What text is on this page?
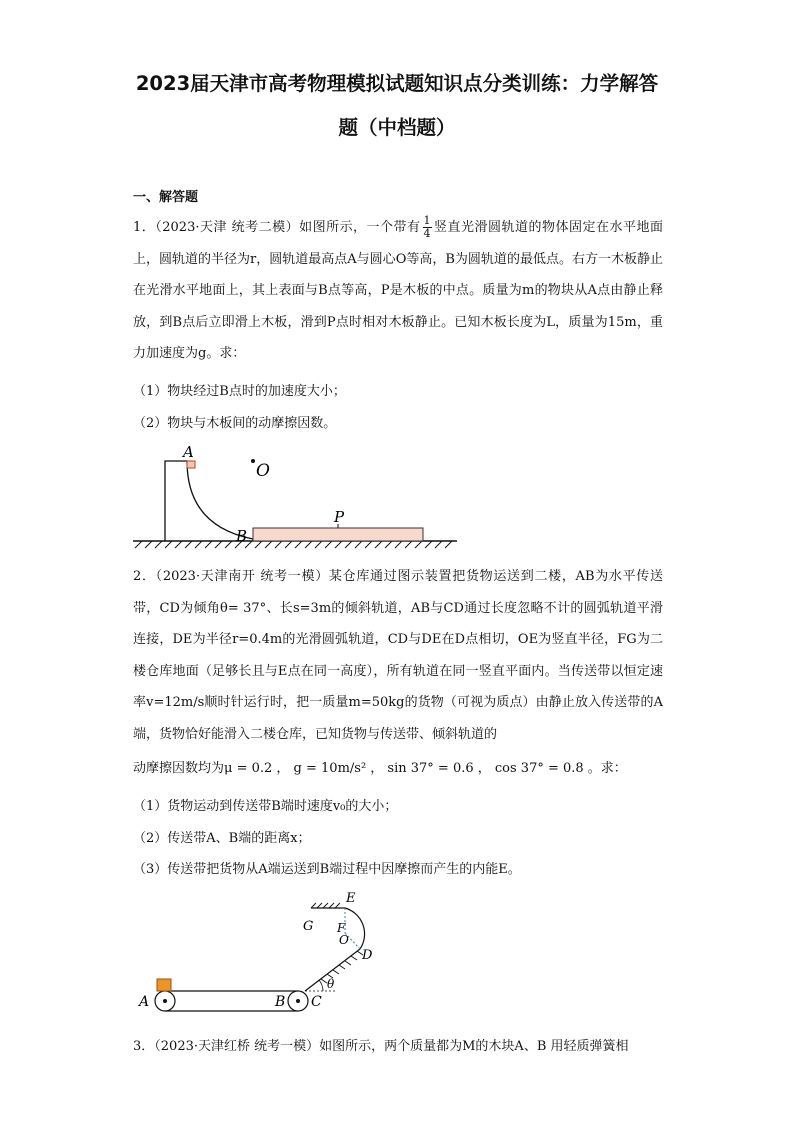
2023届天津市高考物理模拟试题知识点分类训练：力学解答
题（中档题）
一、解答题
1．（2023·天津 统考二模）如图所示，一个带有 $\frac{1}{4}$ 竖直光滑圆轨道的物体固定在水平地面上，圆轨道的半径为r，圆轨道最高点A与圆心O等高，B为圆轨道的最低点。右方一木板静止在光滑水平地面上，其上表面与B点等高，P是木板的中点。质量为m的物块从A点由静止释放，到B点后立即滑上木板，滑到P点时相对木板静止。已知木板长度为L，质量为15m，重力加速度为g。求：
（1）物块经过B点时的加速度大小；
（2）物块与木板间的动摩擦因数。
A
O
B
P
2．（2023·天津南开 统考一模）某仓库通过图示装置把货物运送到二楼，AB为水平传送带，CD为倾角θ= 37°、长s=3m的倾斜轨道，AB与CD通过长度忽略不计的圆弧轨道平滑连接，DE为半径r=0.4m的光滑圆弧轨道，CD与DE在D点相切，OE为竖直半径，FG为二楼仓库地面（足够长且与E点在同一高度），所有轨道在同一竖直平面内。当传送带以恒定速率v=12m/s顺时针运行时，把一质量m=50kg的货物（可视为质点）由静止放入传送带的A端，货物恰好能滑入二楼仓库，已知货物与传送带、倾斜轨道的
动摩擦因数均为μ = 0.2 ， g = 10m/s² ， sin 37° = 0.6 ， cos 37° = 0.8 。求：
（1）货物运动到传送带B端时速度v₀的大小；
（2）传送带A、B端的距离x；
（3）传送带把货物从A端运送到B端过程中因摩擦而产生的内能E。
E
G F
O
D
θ
A	B C
3．（2023·天津红桥 统考一模）如图所示，两个质量都为M的木块A、B 用轻质弹簧相
